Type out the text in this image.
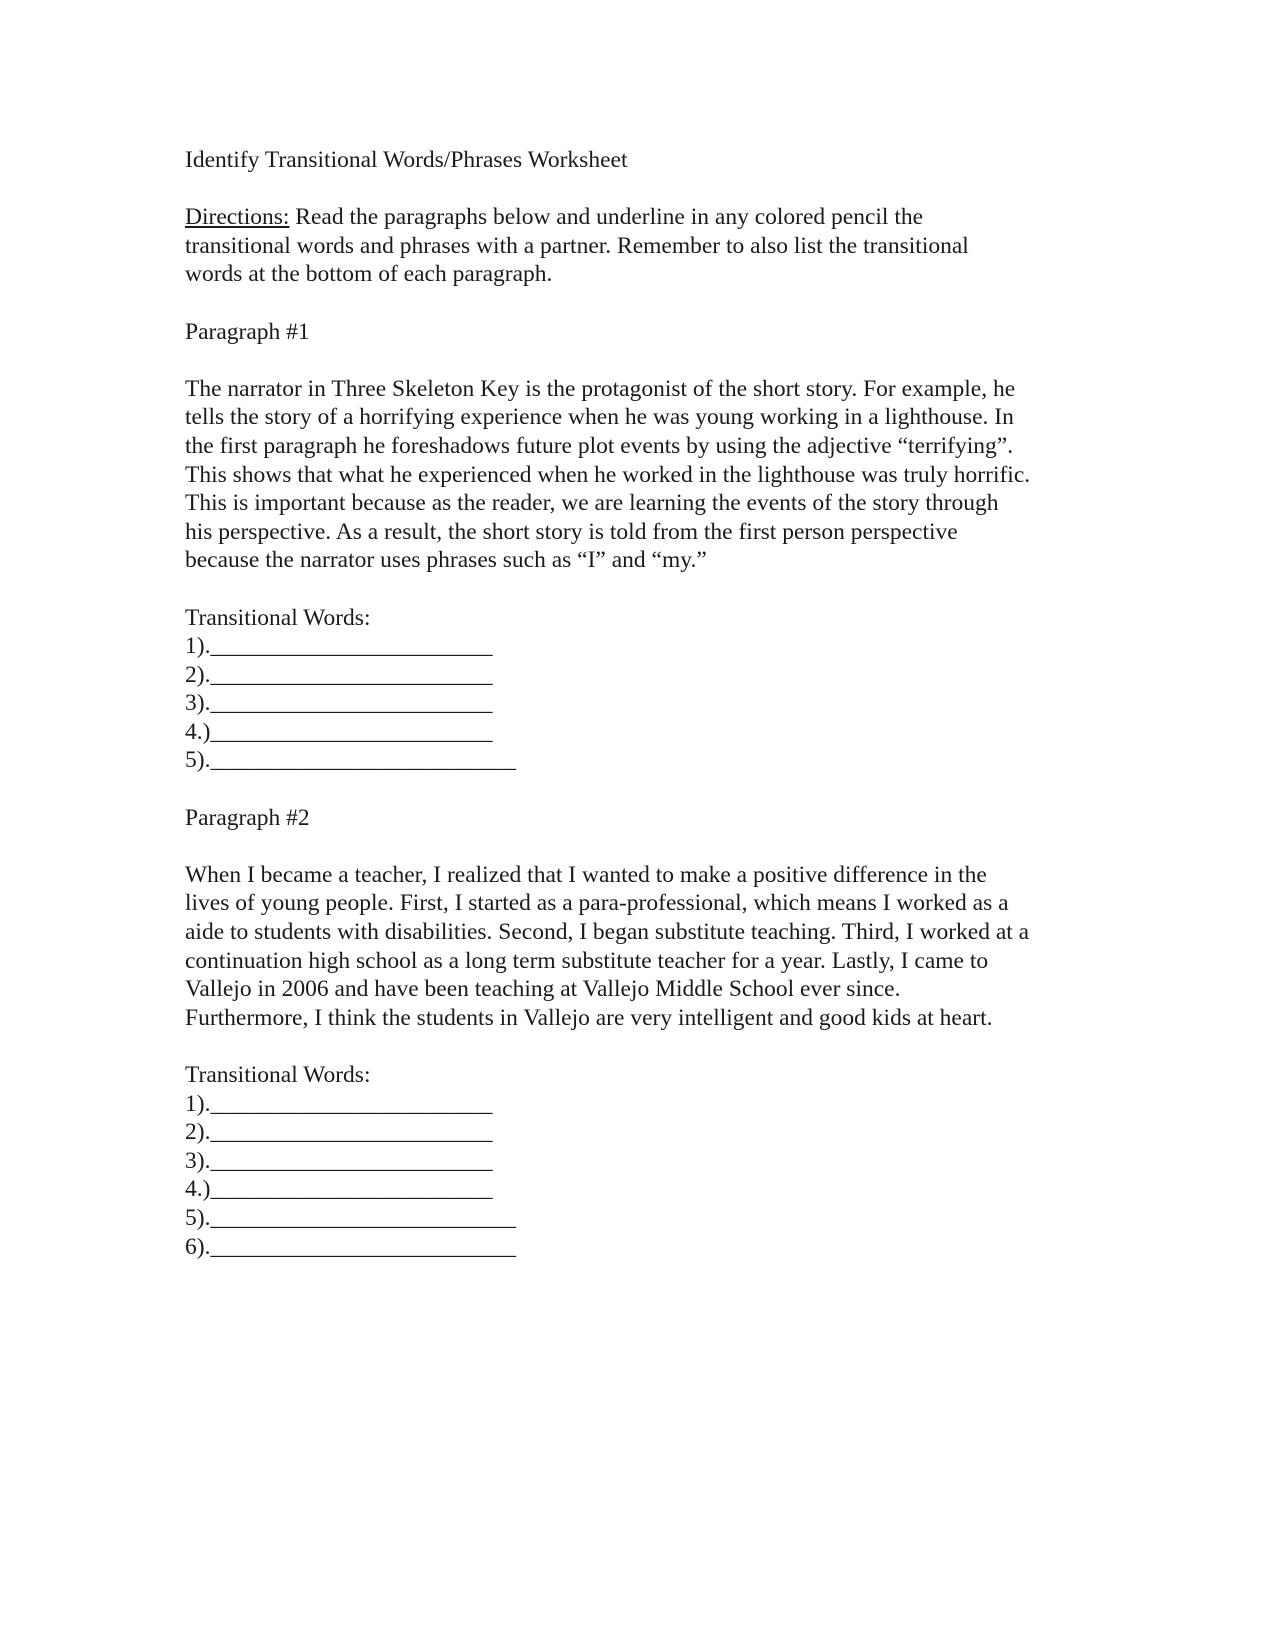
Identify Transitional Words/Phrases Worksheet
Directions: Read the paragraphs below and underline in any colored pencil the
transitional words and phrases with a partner. Remember to also list the transitional
words at the bottom of each paragraph.
Paragraph #1
The narrator in Three Skeleton Key is the protagonist of the short story. For example, he
tells the story of a horrifying experience when he was young working in a lighthouse. In
the first paragraph he foreshadows future plot events by using the adjective “terrifying”.
This shows that what he experienced when he worked in the lighthouse was truly horrific.
This is important because as the reader, we are learning the events of the story through
his perspective. As a result, the short story is told from the first person perspective
because the narrator uses phrases such as “I” and “my.”
Transitional Words:
1).________________________
2).________________________
3).________________________
4.)________________________
5).__________________________
Paragraph #2
When I became a teacher, I realized that I wanted to make a positive difference in the
lives of young people. First, I started as a para-professional, which means I worked as a
aide to students with disabilities. Second, I began substitute teaching. Third, I worked at a
continuation high school as a long term substitute teacher for a year. Lastly, I came to
Vallejo in 2006 and have been teaching at Vallejo Middle School ever since.
Furthermore, I think the students in Vallejo are very intelligent and good kids at heart.
Transitional Words:
1).________________________
2).________________________
3).________________________
4.)________________________
5).__________________________
6).__________________________
